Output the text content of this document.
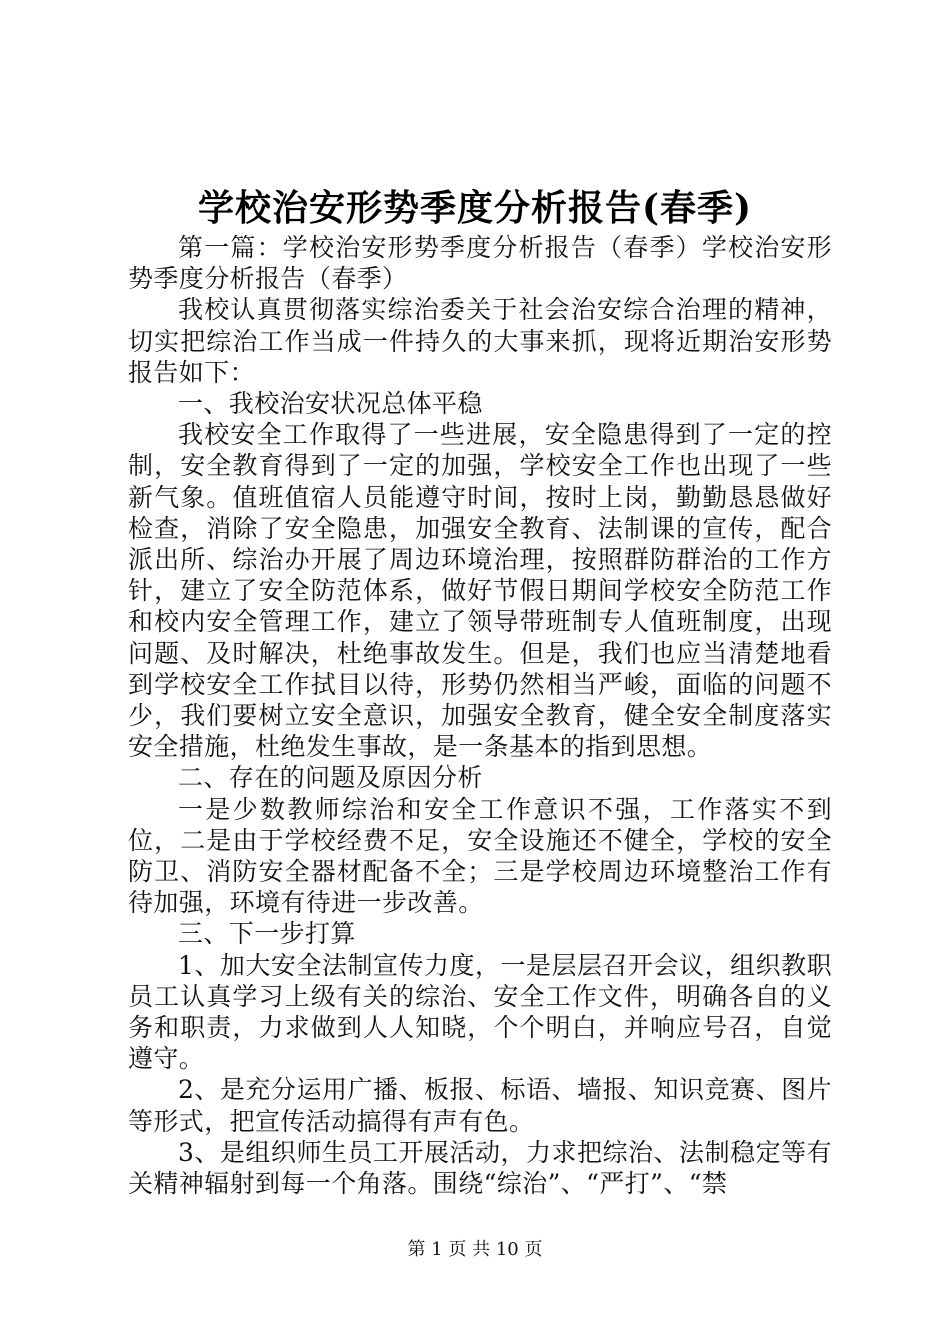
学校治安形势季度分析报告(春季)

第一篇：学校治安形势季度分析报告（春季）学校治安形势季度分析报告（春季）

我校认真贯彻落实综治委关于社会治安综合治理的精神，切实把综治工作当成一件持久的大事来抓，现将近期治安形势报告如下：

一、我校治安状况总体平稳

我校安全工作取得了一些进展，安全隐患得到了一定的控制，安全教育得到了一定的加强，学校安全工作也出现了一些新气象。值班值宿人员能遵守时间，按时上岗，勤勤恳恳做好检查，消除了安全隐患，加强安全教育、法制课的宣传，配合派出所、综治办开展了周边环境治理，按照群防群治的工作方针，建立了安全防范体系，做好节假日期间学校安全防范工作和校内安全管理工作，建立了领导带班制专人值班制度，出现问题、及时解决，杜绝事故发生。但是，我们也应当清楚地看到学校安全工作拭目以待，形势仍然相当严峻，面临的问题不少，我们要树立安全意识，加强安全教育，健全安全制度落实安全措施，杜绝发生事故，是一条基本的指到思想。

二、存在的问题及原因分析

一是少数教师综治和安全工作意识不强，工作落实不到位，二是由于学校经费不足，安全设施还不健全，学校的安全防卫、消防安全器材配备不全；三是学校周边环境整治工作有待加强，环境有待进一步改善。

三、下一步打算

1、加大安全法制宣传力度，一是层层召开会议，组织教职员工认真学习上级有关的综治、安全工作文件，明确各自的义务和职责，力求做到人人知晓，个个明白，并响应号召，自觉遵守。

2、是充分运用广播、板报、标语、墙报、知识竞赛、图片等形式，把宣传活动搞得有声有色。

3、是组织师生员工开展活动，力求把综治、法制稳定等有关精神辐射到每一个角落。围绕“综治”、“严打”、“禁

第 1 页 共 10 页
